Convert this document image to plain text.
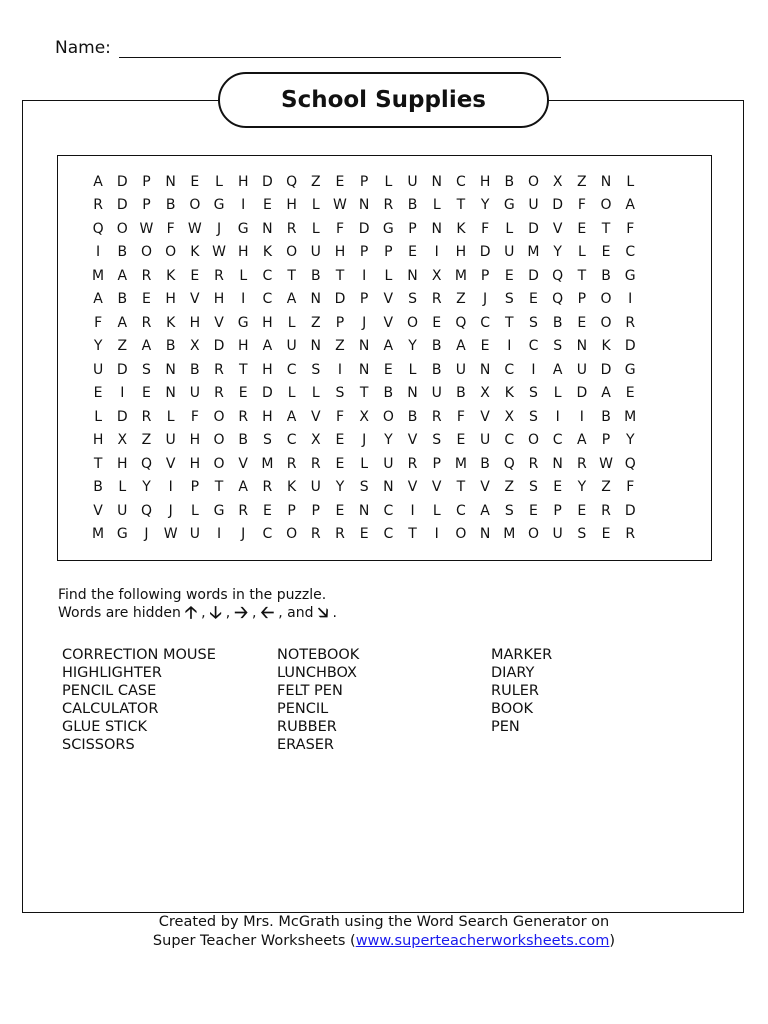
Name:
School Supplies
A	D	P	N	E	L	H D Q Z	E	P	L	U N	C	H	B O X	Z	N	L
R D	P	B O G	I	E	H	L W N	R	B	L	T	Y	G U D	F	O A
Q O W F W	J	G N	R	L	F	D G	P	N	K	F	L	D	V	E	T	F
I	B O O	K W H	K	O U H	P	P	E	I	H D U M Y	L	E	C
M A	R	K	E	R	L	C	T	B	T	I	L	N	X M P	E	D Q	T	B G
A	B	E	H	V	H	I	C	A	N D	P	V	S	R	Z	J	S	E	Q	P	O	I
F	A	R	K	H	V G H	L	Z	P	J	V O	E	Q C	T	S	B	E	O R
Y	Z	A	B	X	D H	A	U N	Z	N	A	Y	B	A	E	I	C	S	N	K	D
U D	S	N	B	R	T	H	C	S	I	N	E	L	B	U N	C	I	A	U D G
E	I	E	N U	R	E	D	L	L	S	T	B	N U	B	X	K	S	L	D	A	E
L	D R	L	F	O R	H	A	V	F	X O B	R	F	V	X	S	I	I	B M
H	X	Z	U H O B	S	C	X	E	J	Y	V	S	E	U	C O C	A	P	Y
T	H Q V	H O V M R	R	E	L	U	R	P M B Q R	N	R W Q
B	L	Y	I	P	T	A	R	K	U	Y	S	N	V	V	T	V	Z	S	E	Y	Z	F
V	U Q	J	L	G R	E	P	P	E	N	C	I	L	C	A	S	E	P	E	R D
M G	J	W U	I	J	C O R	R	E	C	T	I	O N M O U	S	E	R
Find the following words in the puzzle.
Words are hidden 🡡 , 🡣 , 🡢 , 🡠 , and 🡦 .
CORRECTION MOUSE
HIGHLIGHTER
PENCIL CASE
CALCULATOR
GLUE STICK
SCISSORS
NOTEBOOK
LUNCHBOX
FELT PEN
PENCIL
RUBBER
ERASER
MARKER
DIARY
RULER
BOOK
PEN
Created by Mrs. McGrath using the Word Search Generator on
Super Teacher Worksheets (www.superteacherworksheets.com)
